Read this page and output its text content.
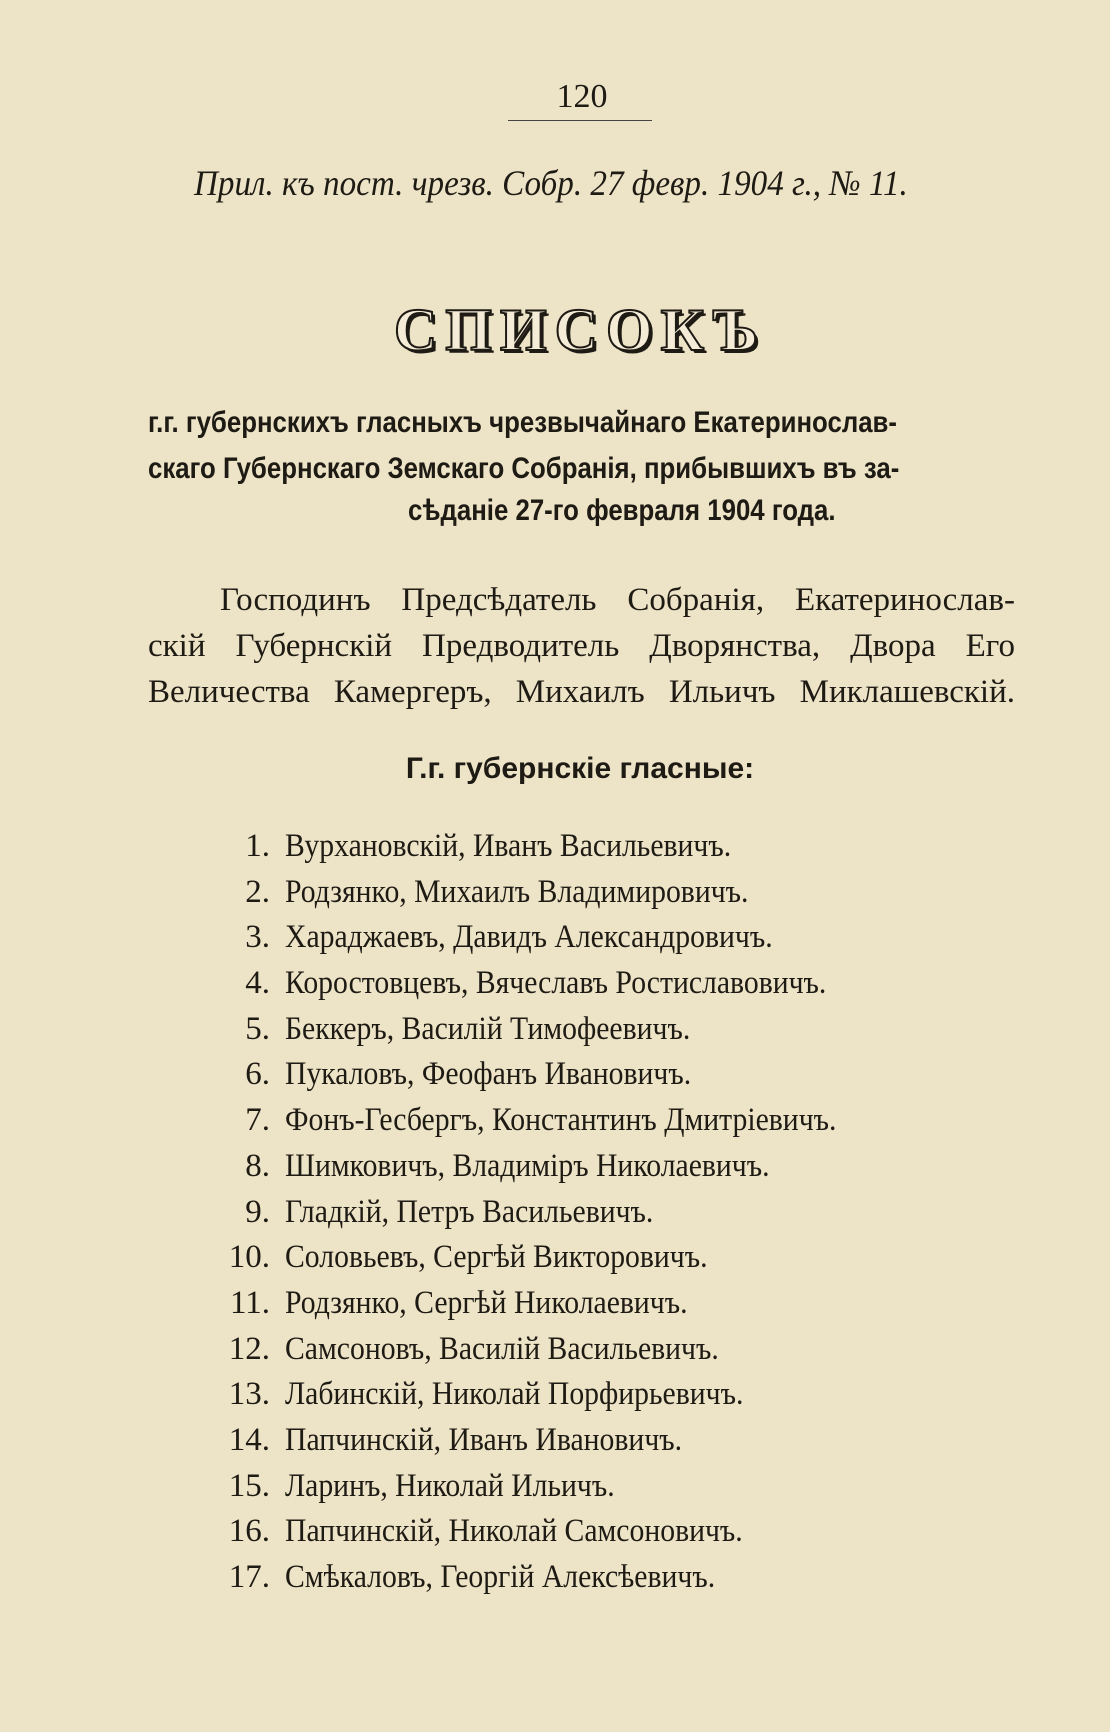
120
Прил. къ пост. чрезв. Собр. 27 февр. 1904 г., № 11.
СПИСОКЪ
г.г. губернскихъ гласныхъ чрезвычайнаго Екатеринослав-
скаго Губернскаго Земскаго Собранія, прибывшихъ въ за-
сѣданіе 27-го февраля 1904 года.
Господинъ Предсѣдатель Собранія, Екатеринослав-
скій Губернскій Предводитель Дворянства, Двора Его
Величества Камергеръ, Михаилъ Ильичъ Миклашевскій.
Г.г. губернскіе гласные:
1. Вурхановскій, Иванъ Васильевичъ.
2. Родзянко, Михаилъ Владимировичъ.
3. Хараджаевъ, Давидъ Александровичъ.
4. Коростовцевъ, Вячеславъ Ростиславовичъ.
5. Беккеръ, Василій Тимофеевичъ.
6. Пукаловъ, Феофанъ Ивановичъ.
7. Фонъ-Гесбергъ, Константинъ Дмитріевичъ.
8. Шимковичъ, Владиміръ Николаевичъ.
9. Гладкій, Петръ Васильевичъ.
10. Соловьевъ, Сергѣй Викторовичъ.
11. Родзянко, Сергѣй Николаевичъ.
12. Самсоновъ, Василій Васильевичъ.
13. Лабинскій, Николай Порфирьевичъ.
14. Папчинскій, Иванъ Ивановичъ.
15. Ларинъ, Николай Ильичъ.
16. Папчинскій, Николай Самсоновичъ.
17. Смѣкаловъ, Георгій Алексѣевичъ.
